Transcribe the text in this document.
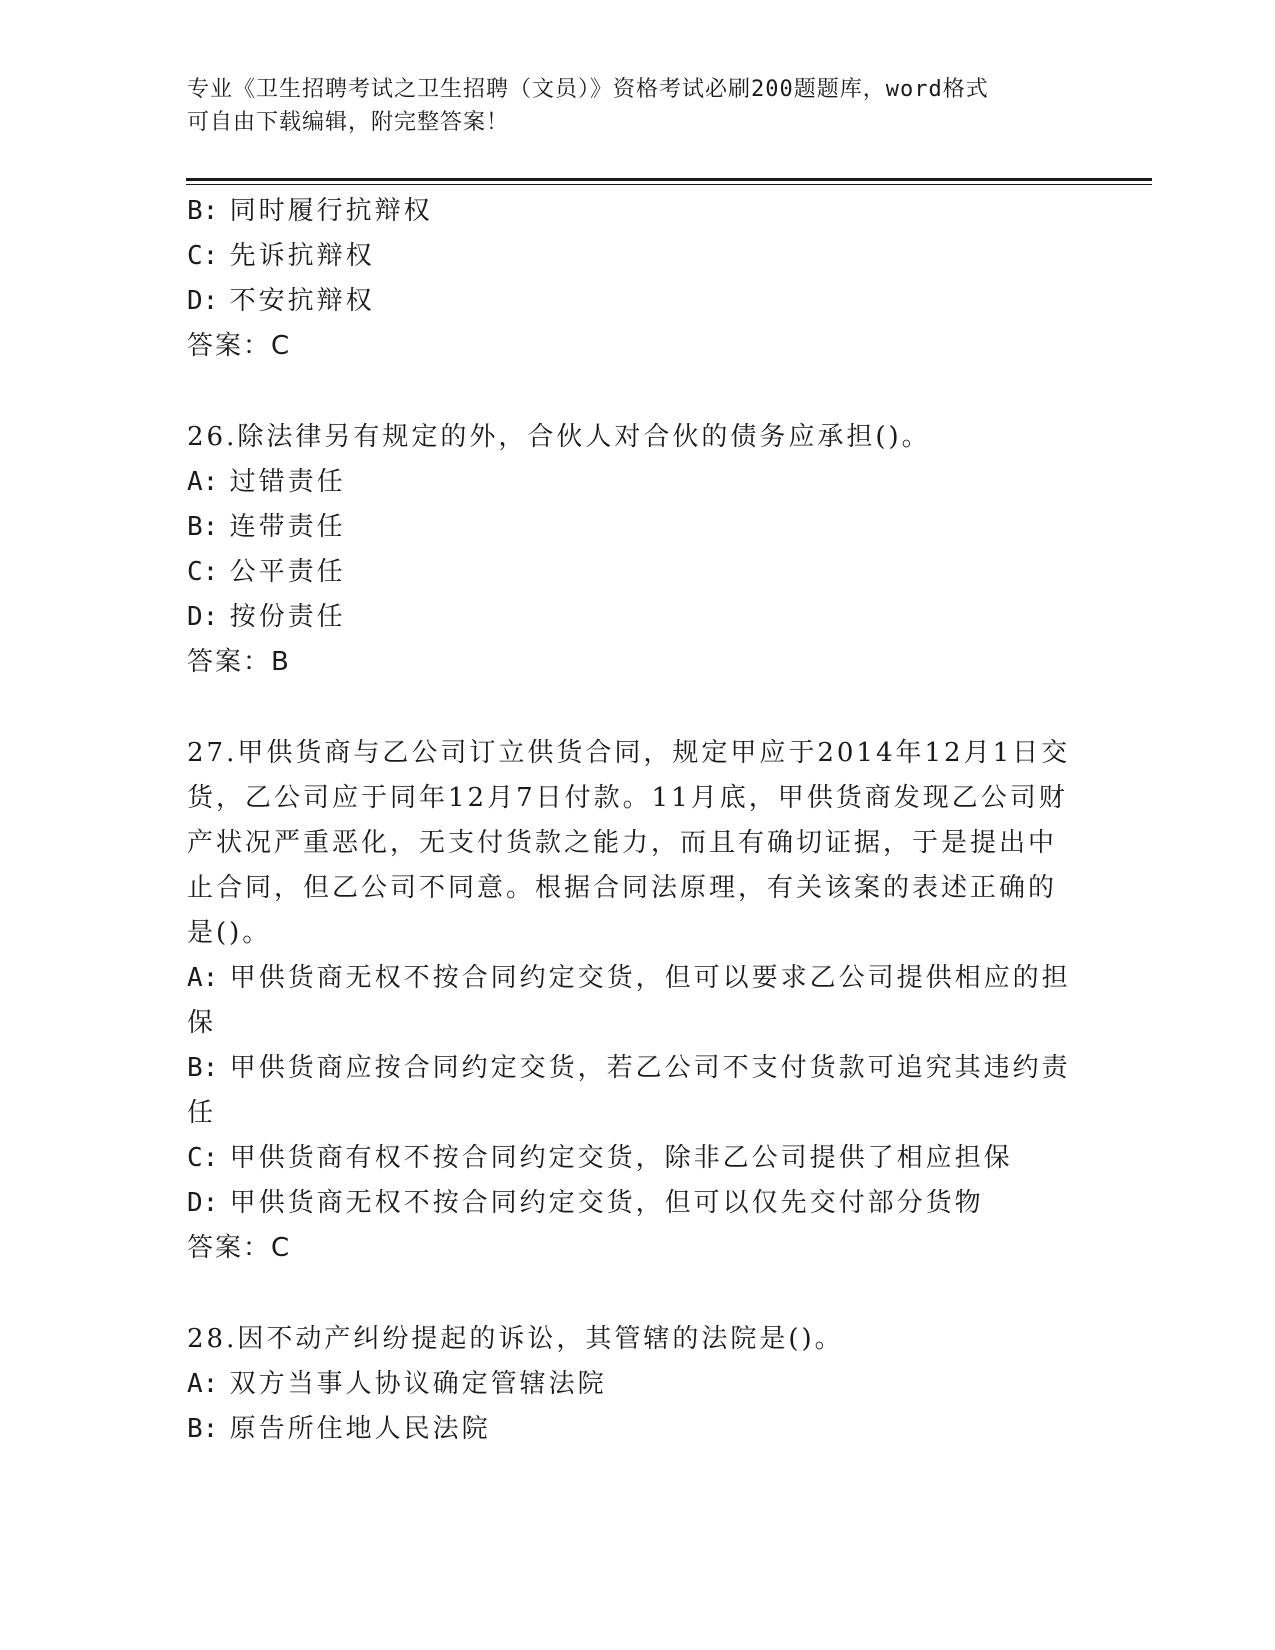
专业《卫生招聘考试之卫生招聘（文员）》资格考试必刷200题题库，word格式
可自由下载编辑，附完整答案！
B: 同时履行抗辩权
C: 先诉抗辩权
D: 不安抗辩权
答案：C
26.除法律另有规定的外，合伙人对合伙的债务应承担()。
A: 过错责任
B: 连带责任
C: 公平责任
D: 按份责任
答案：B
27.甲供货商与乙公司订立供货合同，规定甲应于2014年12月1日交货，乙公司应于同年12月7日付款。11月底，甲供货商发现乙公司财产状况严重恶化，无支付货款之能力，而且有确切证据，于是提出中止合同，但乙公司不同意。根据合同法原理，有关该案的表述正确的是()。
A: 甲供货商无权不按合同约定交货，但可以要求乙公司提供相应的担保
B: 甲供货商应按合同约定交货，若乙公司不支付货款可追究其违约责任
C: 甲供货商有权不按合同约定交货，除非乙公司提供了相应担保
D: 甲供货商无权不按合同约定交货，但可以仅先交付部分货物
答案：C
28.因不动产纠纷提起的诉讼，其管辖的法院是()。
A: 双方当事人协议确定管辖法院
B: 原告所住地人民法院
